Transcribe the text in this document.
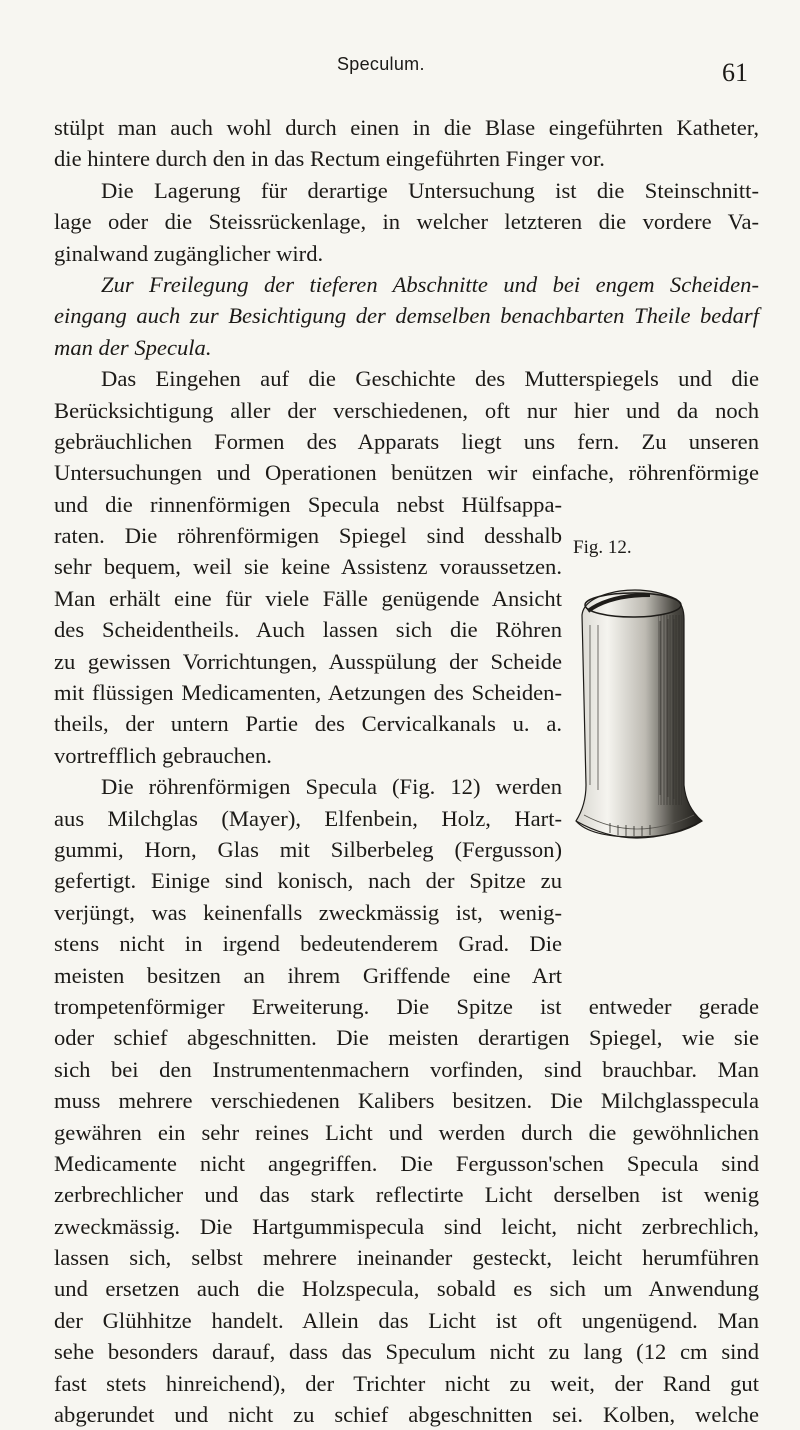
Speculum.	61
stülpt man auch wohl durch einen in die Blase eingeführten Katheter,
die hintere durch den in das Rectum eingeführten Finger vor.
Die Lagerung für derartige Untersuchung ist die Steinschnitt-
lage oder die Steissrückenlage, in welcher letzteren die vordere Va-
ginalwand zugänglicher wird.
Zur Freilegung der tieferen Abschnitte und bei engem Scheiden-
eingang auch zur Besichtigung der demselben benachbarten Theile bedarf
man der Specula.
Das Eingehen auf die Geschichte des Mutterspiegels und die
Berücksichtigung aller der verschiedenen, oft nur hier und da noch
gebräuchlichen Formen des Apparats liegt uns fern. Zu unseren
Untersuchungen und Operationen benützen wir einfache, röhrenförmige
und die rinnenförmigen Specula nebst Hülfsappa-
raten. Die röhrenförmigen Spiegel sind desshalb
sehr bequem, weil sie keine Assistenz voraussetzen.
Man erhält eine für viele Fälle genügende Ansicht
des Scheidentheils. Auch lassen sich die Röhren
zu gewissen Vorrichtungen, Ausspülung der Scheide
mit flüssigen Medicamenten, Aetzungen des Scheiden-
theils, der untern Partie des Cervicalkanals u. a.
vortrefflich gebrauchen.
Die röhrenförmigen Specula (Fig. 12) werden
aus Milchglas (Mayer), Elfenbein, Holz, Hart-
gummi, Horn, Glas mit Silberbeleg (Fergusson)
gefertigt. Einige sind konisch, nach der Spitze zu
verjüngt, was keinenfalls zweckmässig ist, wenig-
stens nicht in irgend bedeutenderem Grad. Die
meisten besitzen an ihrem Griffende eine Art
trompetenförmiger Erweiterung. Die Spitze ist entweder gerade
oder schief abgeschnitten. Die meisten derartigen Spiegel, wie sie
sich bei den Instrumentenmachern vorfinden, sind brauchbar. Man
muss mehrere verschiedenen Kalibers besitzen. Die Milchglasspecula
gewähren ein sehr reines Licht und werden durch die gewöhnlichen
Medicamente nicht angegriffen. Die Fergusson'schen Specula sind
zerbrechlicher und das stark reflectirte Licht derselben ist wenig
zweckmässig. Die Hartgummispecula sind leicht, nicht zerbrechlich,
lassen sich, selbst mehrere ineinander gesteckt, leicht herumführen
und ersetzen auch die Holzspecula, sobald es sich um Anwendung
der Glühhitze handelt. Allein das Licht ist oft ungenügend. Man
sehe besonders darauf, dass das Speculum nicht zu lang (12 cm sind
fast stets hinreichend), der Trichter nicht zu weit, der Rand gut
abgerundet und nicht zu schief abgeschnitten sei. Kolben, welche
Fig. 12.
